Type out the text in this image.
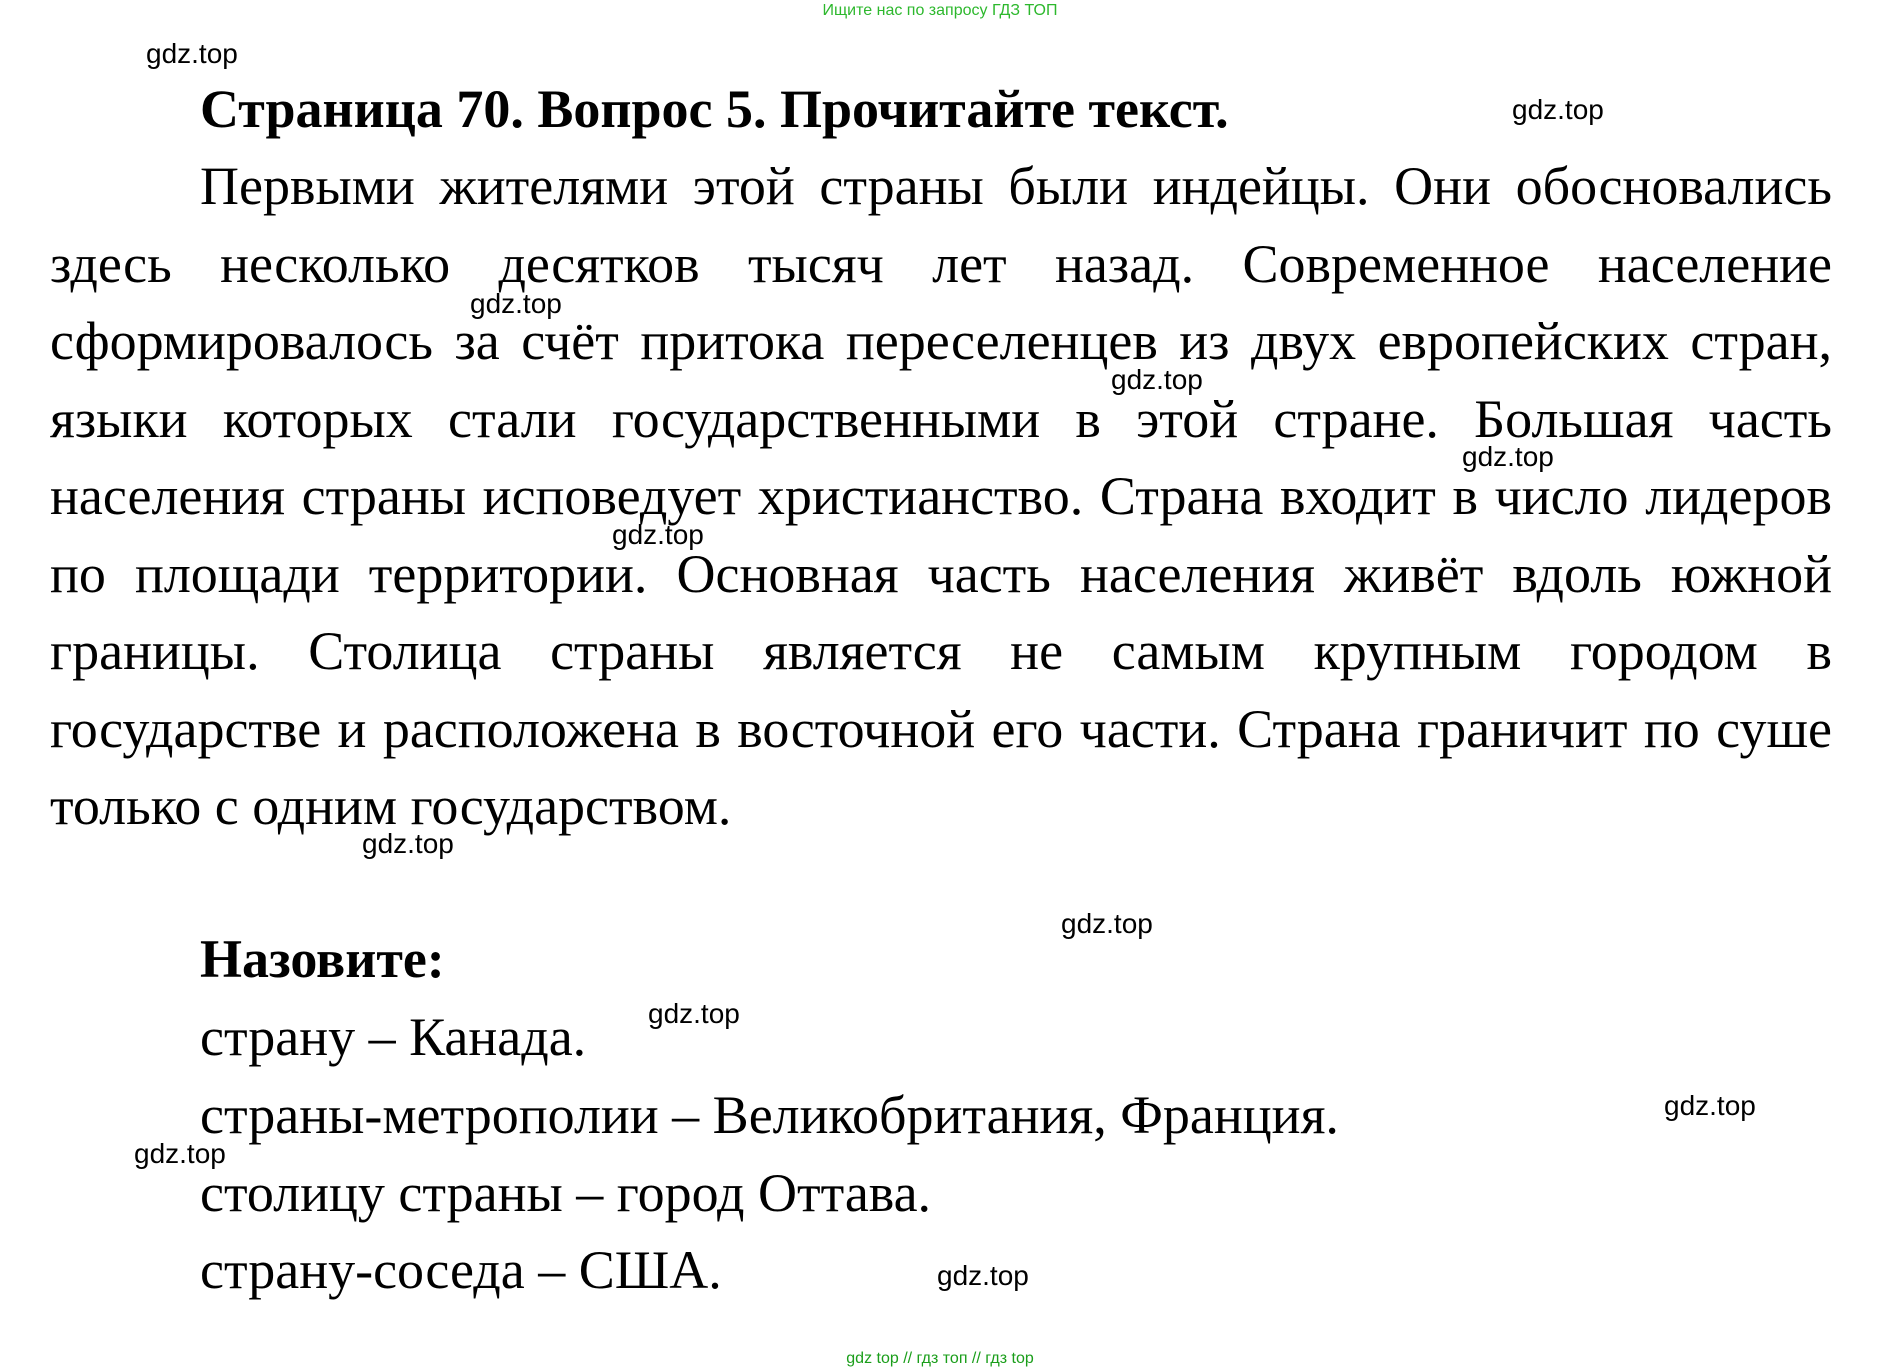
Ищите нас по запросу ГДЗ ТОП
gdz.top
Страница 70. Вопрос 5. Прочитайте текст.	gdz.top

Первыми жителями этой страны были индейцы. Они обосновались здесь несколько десятков тысяч лет назад. Современное население сформировалось за счёт притока переселенцев из двух европейских стран, языки которых стали государственными в этой стране. Большая часть населения страны исповедует христианство. Страна входит в число лидеров по площади территории. Основная часть населения живёт вдоль южной границы. Столица страны является не самым крупным городом в государстве и расположена в восточной его части. Страна граничит по суше только с одним государством.

gdz.top
gdz.top
gdz.top
gdz.top
gdz.top
gdz.top
Назовите:
страну – Канада. gdz.top
страны-метрополии – Великобритания, Франция.	gdz.top
gdz.top
столицу страны – город Оттава.
страну-соседа – США.	gdz.top
gdz top // гдз топ // гдз top
